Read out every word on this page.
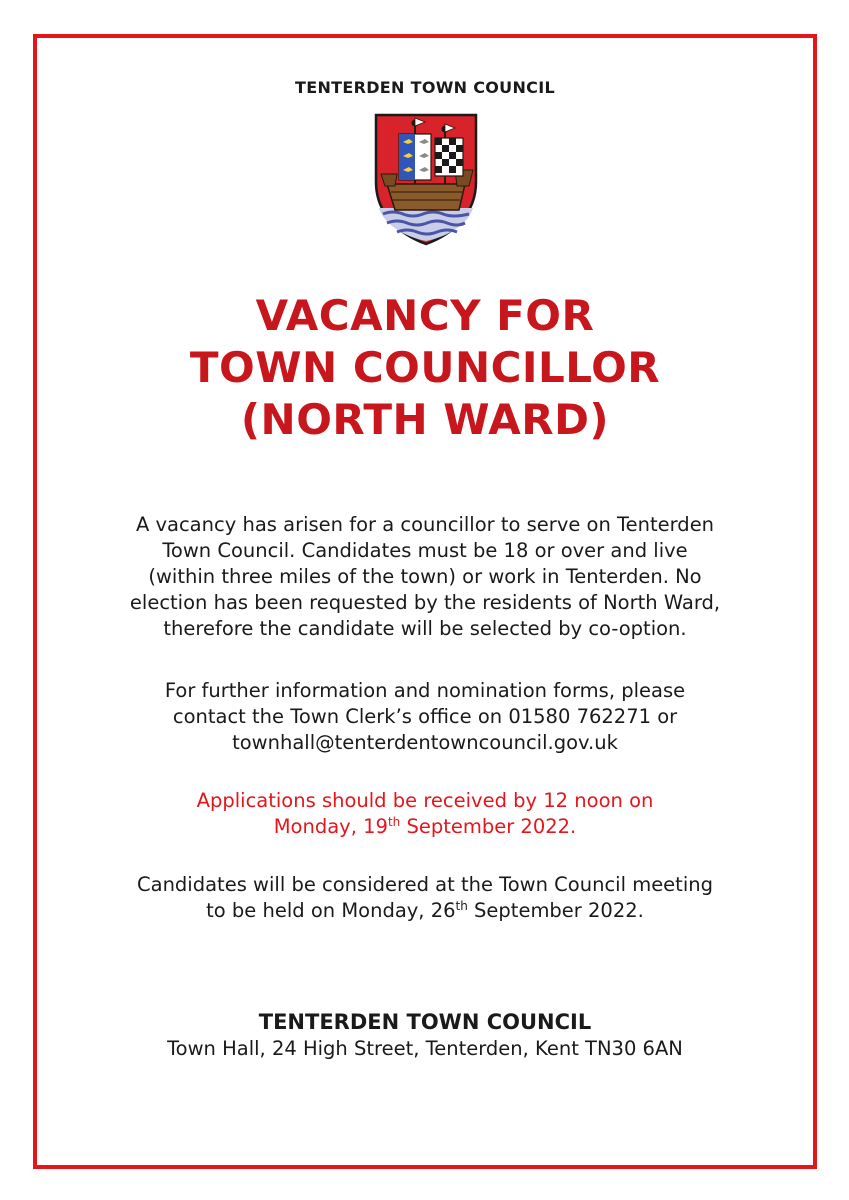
TENTERDEN TOWN COUNCIL
VACANCY FOR
TOWN COUNCILLOR
(NORTH WARD)
A vacancy has arisen for a councillor to serve on Tenterden
Town Council. Candidates must be 18 or over and live
(within three miles of the town) or work in Tenterden. No
election has been requested by the residents of North Ward,
therefore the candidate will be selected by co-option.
For further information and nomination forms, please
contact the Town Clerk’s office on 01580 762271 or
townhall@tenterdentowncouncil.gov.uk
Applications should be received by 12 noon on
Monday, 19th September 2022.
Candidates will be considered at the Town Council meeting
to be held on Monday, 26th September 2022.
TENTERDEN TOWN COUNCIL
Town Hall, 24 High Street, Tenterden, Kent TN30 6AN
